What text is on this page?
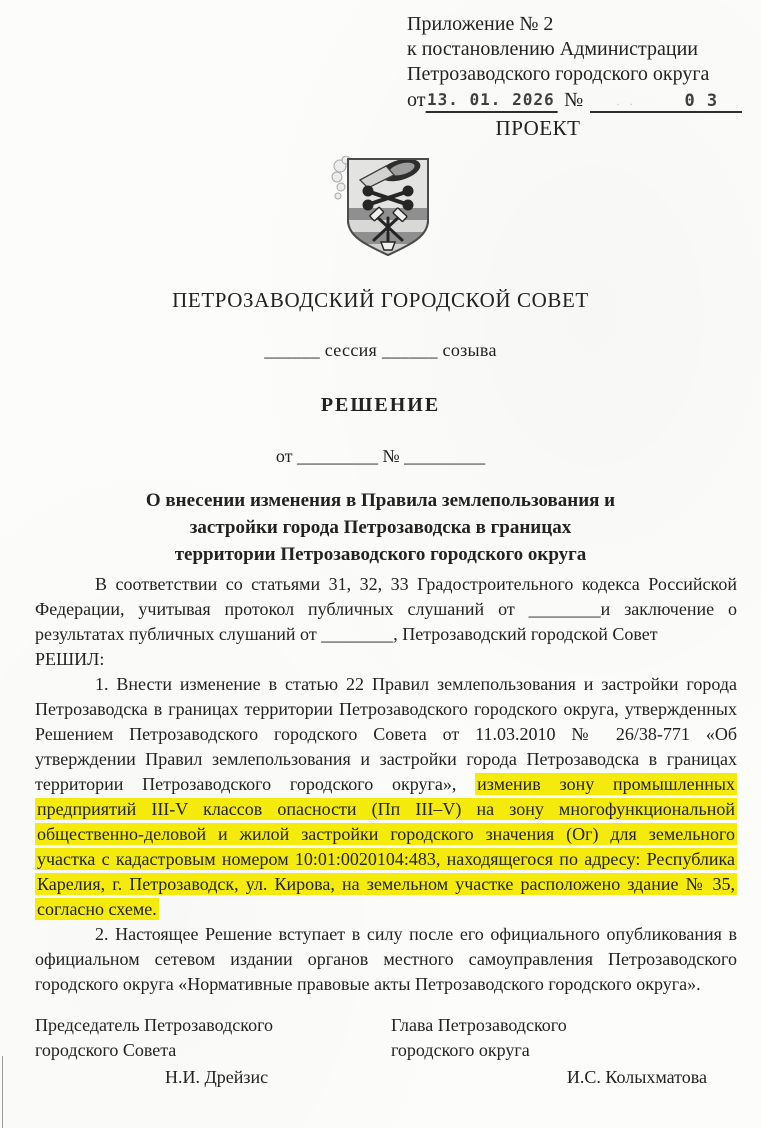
Приложение № 2
к постановлению Администрации
Петрозаводского городского округа
от 13. 01. 2026 №	· ·	0 3
ПРОЕКТ
ПЕТРОЗАВОДСКИЙ ГОРОДСКОЙ СОВЕТ
______ сессия ______ созыва
РЕШЕНИЕ
от _________ № _________
О внесении изменения в Правила землепользования и
застройки города Петрозаводска в границах
территории Петрозаводского городского округа

В соответствии со статьями 31, 32, 33 Градостроительного кодекса Российской Федерации, учитывая протокол публичных слушаний от ________и заключение о результатах публичных слушаний от ________, Петрозаводский городской Совет

РЕШИЛ:

1. Внести изменение в статью 22 Правил землепользования и застройки города Петрозаводска в границах территории Петрозаводского городского округа, утвержденных Решением Петрозаводского городского Совета от 11.03.2010 № 26/38-771 «Об утверждении Правил землепользования и застройки города Петрозаводска в границах территории Петрозаводского городского округа», изменив зону промышленных предприятий III-V классов опасности (Пп III–V) на зону многофункциональной общественно-деловой и жилой застройки городского значения (Ог) для земельного участка с кадастровым номером 10:01:0020104:483, находящегося по адресу: Республика Карелия, г. Петрозаводск, ул. Кирова, на земельном участке расположено здание № 35, согласно схеме.

2. Настоящее Решение вступает в силу после его официального опубликования в официальном сетевом издании органов местного самоуправления Петрозаводского городского округа «Нормативные правовые акты Петрозаводского городского округа».

Председатель Петрозаводского городского Совета
Н.И. Дрейзис
Глава Петрозаводского городского округа
И.С. Колыхматова
